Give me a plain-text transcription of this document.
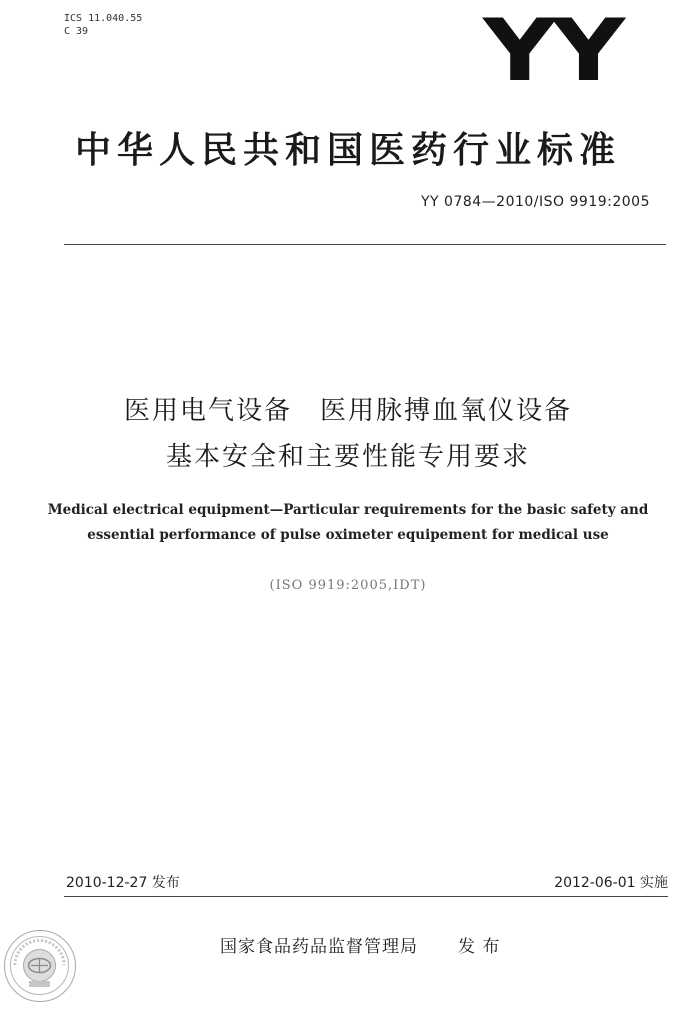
ICS 11.040.55
C 39	YY
中华人民共和国医药行业标准
YY 0784—2010/ISO 9919:2005
医用电气设备　医用脉搏血氧仪设备
基本安全和主要性能专用要求
Medical electrical equipment—Particular requirements for the basic safety and
essential performance of pulse oximeter equipement for medical use
(ISO 9919:2005,IDT)
2010-12-27 发布	2012-06-01 实施
国家食品药品监督管理局 发 布
